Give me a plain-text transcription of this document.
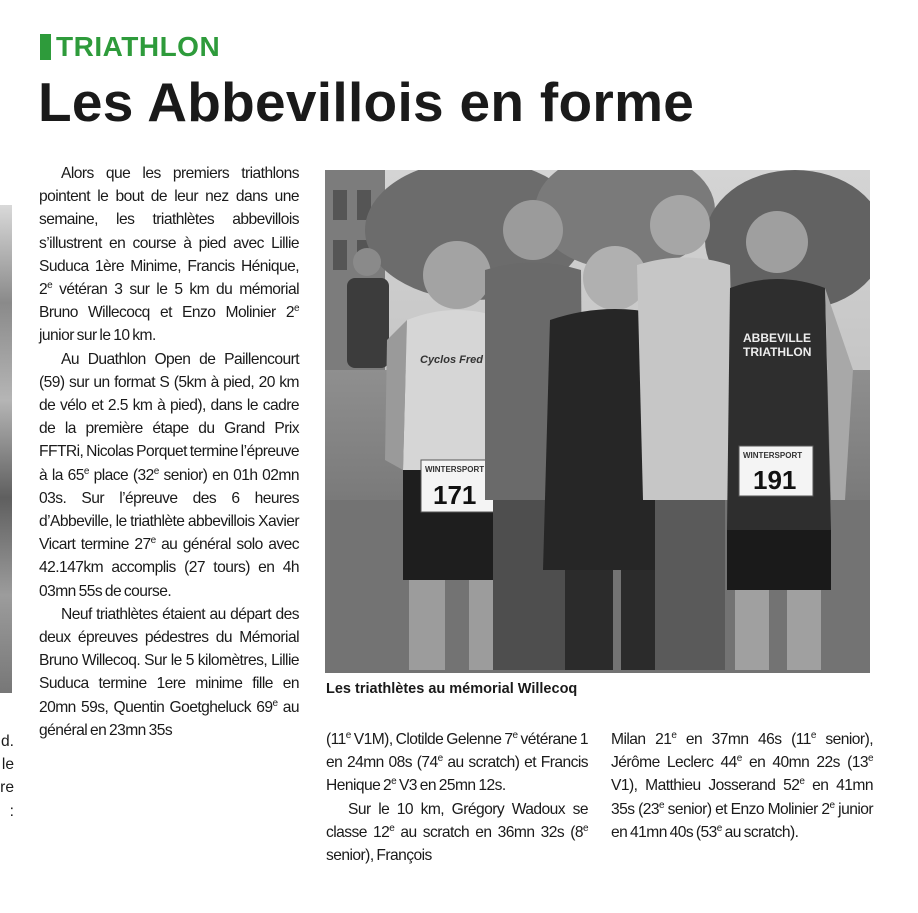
d.
le
re
:
TRIATHLON
Les Abbevillois en forme

Alors que les premiers triathlons pointent le bout de leur nez dans une semaine, les triathlètes abbevillois s’illustrent en course à pied avec Lillie Suduca 1ère Minime, Francis Hénique, 2e vétéran 3 sur le 5 km du mémorial Bruno Willecocq et Enzo Molinier 2e junior sur le 10 km.

Au Duathlon Open de Paillencourt (59) sur un format S (5km à pied, 20 km de vélo et 2.5 km à pied), dans le cadre de la première étape du Grand Prix FFTRi, Nicolas Porquet termine l’épreuve à la 65e place (32e senior) en 01h 02mn 03s. Sur l’épreuve des 6 heures d’Abbeville, le triathlète abbevillois Xavier Vicart termine 27e au général solo avec 42.147km accomplis (27 tours) en 4h 03mn 55s de course.

Neuf triathlètes étaient au départ des deux épreuves pédestres du Mémorial Bruno Willecoq. Sur le 5 kilomètres, Lillie Suduca termine 1ere minime fille en 20mn 59s, Quentin Goetgheluck 69e au général en 23mn 35s

Cyclos Fred
WINTERSPORT
171
ABBEVILLE
TRIATHLON
WINTERSPORT
191
Les triathlètes au mémorial Willecoq

(11e V1M), Clotilde Gelenne 7e vétérane 1 en 24mn 08s (74e au scratch) et Francis Henique 2e V3 en 25mn 12s.

Sur le 10 km, Grégory Wadoux se classe 12e au scratch en 36mn 32s (8e senior), François

Milan 21e en 37mn 46s (11e senior), Jérôme Leclerc 44e en 40mn 22s (13e V1), Matthieu Josserand 52e en 41mn 35s (23e senior) et Enzo Molinier 2e junior en 41mn 40s (53e au scratch).
